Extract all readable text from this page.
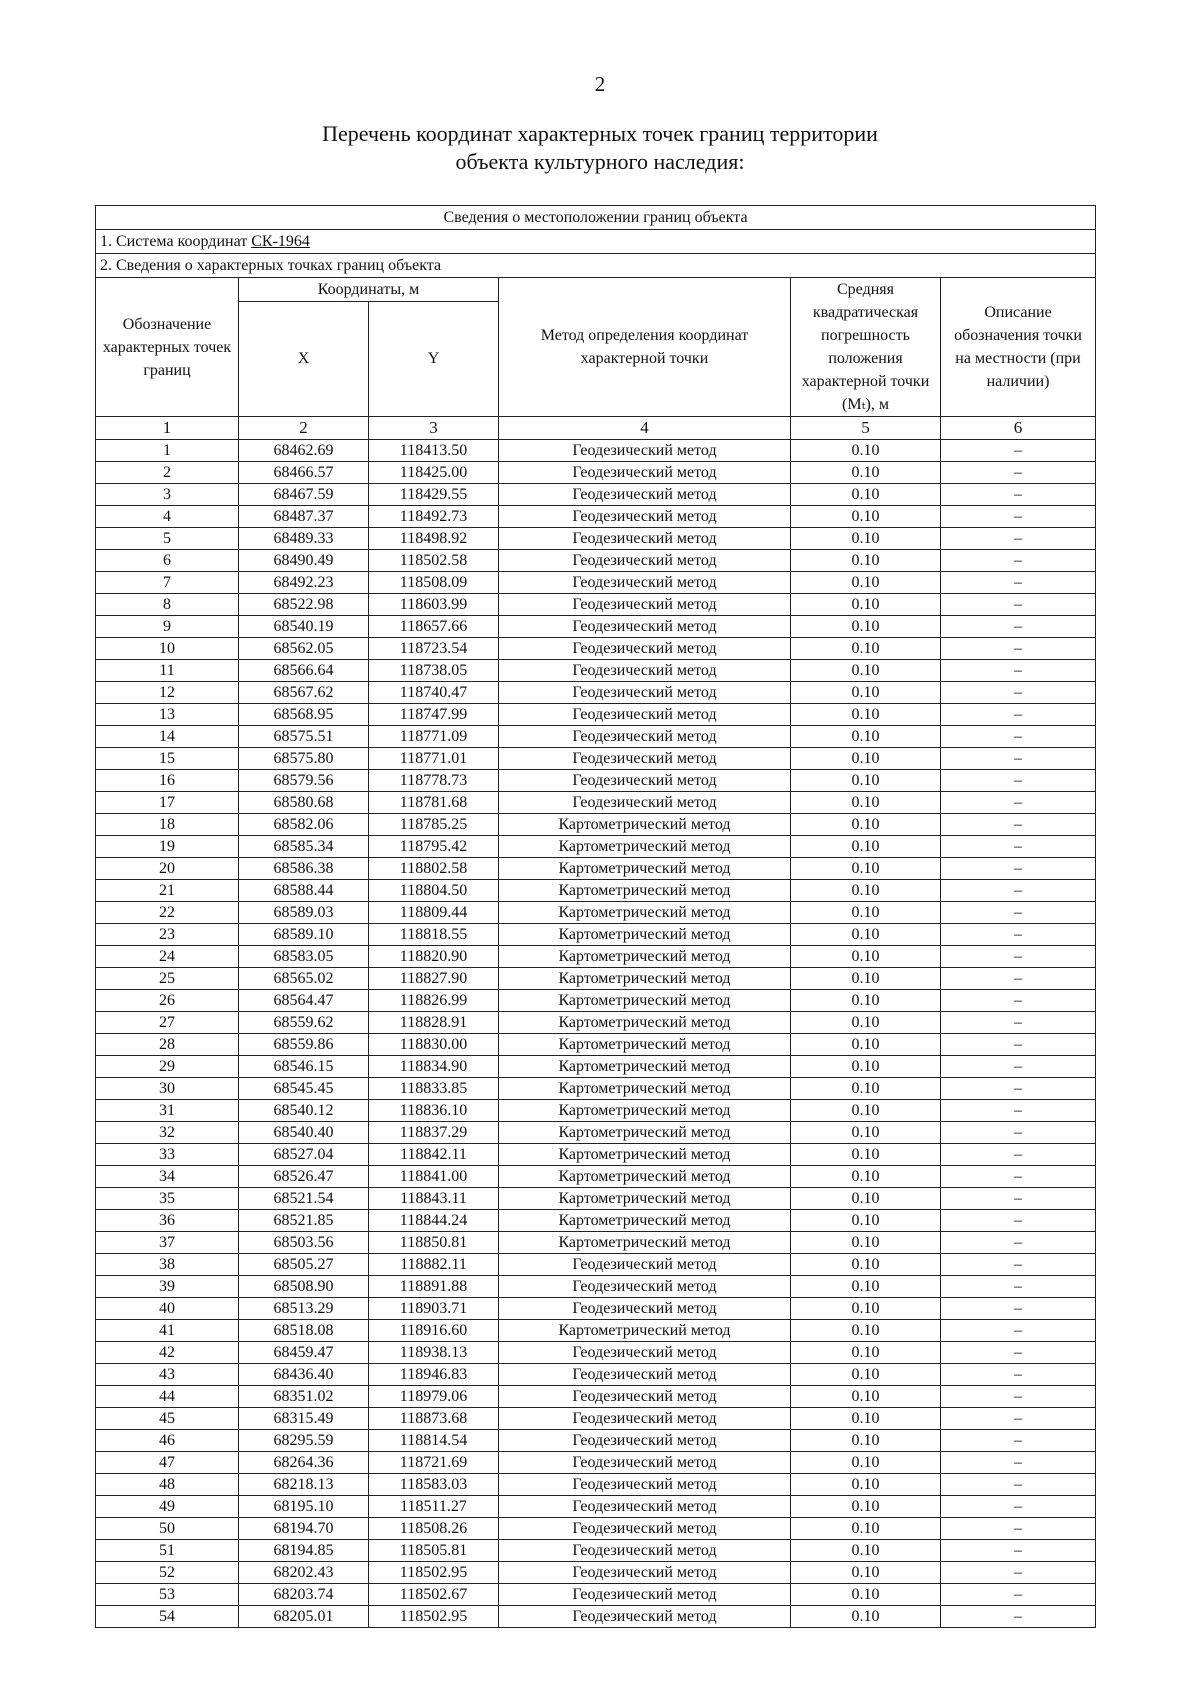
2
Перечень координат характерных точек границ территории
объекта культурного наследия:
Сведения о местоположении границ объекта					
1. Система координат СК-1964					
2. Сведения о характерных точках границ объекта					
Обозначение характерных точек границ	Координаты, м		Метод определения координат характерной точки	Средняя квадратическая погрешность положения характерной точки (Mₜ), м	Описание обозначения точки на местности (при наличии)
	X	Y			
1	2	3	4	5	6
1	68462.69	118413.50	Геодезический метод	0.10	–
2	68466.57	118425.00	Геодезический метод	0.10	–
3	68467.59	118429.55	Геодезический метод	0.10	–
4	68487.37	118492.73	Геодезический метод	0.10	–
5	68489.33	118498.92	Геодезический метод	0.10	–
6	68490.49	118502.58	Геодезический метод	0.10	–
7	68492.23	118508.09	Геодезический метод	0.10	–
8	68522.98	118603.99	Геодезический метод	0.10	–
9	68540.19	118657.66	Геодезический метод	0.10	–
10	68562.05	118723.54	Геодезический метод	0.10	–
11	68566.64	118738.05	Геодезический метод	0.10	–
12	68567.62	118740.47	Геодезический метод	0.10	–
13	68568.95	118747.99	Геодезический метод	0.10	–
14	68575.51	118771.09	Геодезический метод	0.10	–
15	68575.80	118771.01	Геодезический метод	0.10	–
16	68579.56	118778.73	Геодезический метод	0.10	–
17	68580.68	118781.68	Геодезический метод	0.10	–
18	68582.06	118785.25	Картометрический метод	0.10	–
19	68585.34	118795.42	Картометрический метод	0.10	–
20	68586.38	118802.58	Картометрический метод	0.10	–
21	68588.44	118804.50	Картометрический метод	0.10	–
22	68589.03	118809.44	Картометрический метод	0.10	–
23	68589.10	118818.55	Картометрический метод	0.10	–
24	68583.05	118820.90	Картометрический метод	0.10	–
25	68565.02	118827.90	Картометрический метод	0.10	–
26	68564.47	118826.99	Картометрический метод	0.10	–
27	68559.62	118828.91	Картометрический метод	0.10	–
28	68559.86	118830.00	Картометрический метод	0.10	–
29	68546.15	118834.90	Картометрический метод	0.10	–
30	68545.45	118833.85	Картометрический метод	0.10	–
31	68540.12	118836.10	Картометрический метод	0.10	–
32	68540.40	118837.29	Картометрический метод	0.10	–
33	68527.04	118842.11	Картометрический метод	0.10	–
34	68526.47	118841.00	Картометрический метод	0.10	–
35	68521.54	118843.11	Картометрический метод	0.10	–
36	68521.85	118844.24	Картометрический метод	0.10	–
37	68503.56	118850.81	Картометрический метод	0.10	–
38	68505.27	118882.11	Геодезический метод	0.10	–
39	68508.90	118891.88	Геодезический метод	0.10	–
40	68513.29	118903.71	Геодезический метод	0.10	–
41	68518.08	118916.60	Картометрический метод	0.10	–
42	68459.47	118938.13	Геодезический метод	0.10	–
43	68436.40	118946.83	Геодезический метод	0.10	–
44	68351.02	118979.06	Геодезический метод	0.10	–
45	68315.49	118873.68	Геодезический метод	0.10	–
46	68295.59	118814.54	Геодезический метод	0.10	–
47	68264.36	118721.69	Геодезический метод	0.10	–
48	68218.13	118583.03	Геодезический метод	0.10	–
49	68195.10	118511.27	Геодезический метод	0.10	–
50	68194.70	118508.26	Геодезический метод	0.10	–
51	68194.85	118505.81	Геодезический метод	0.10	–
52	68202.43	118502.95	Геодезический метод	0.10	–
53	68203.74	118502.67	Геодезический метод	0.10	–
54	68205.01	118502.95	Геодезический метод	0.10	–
